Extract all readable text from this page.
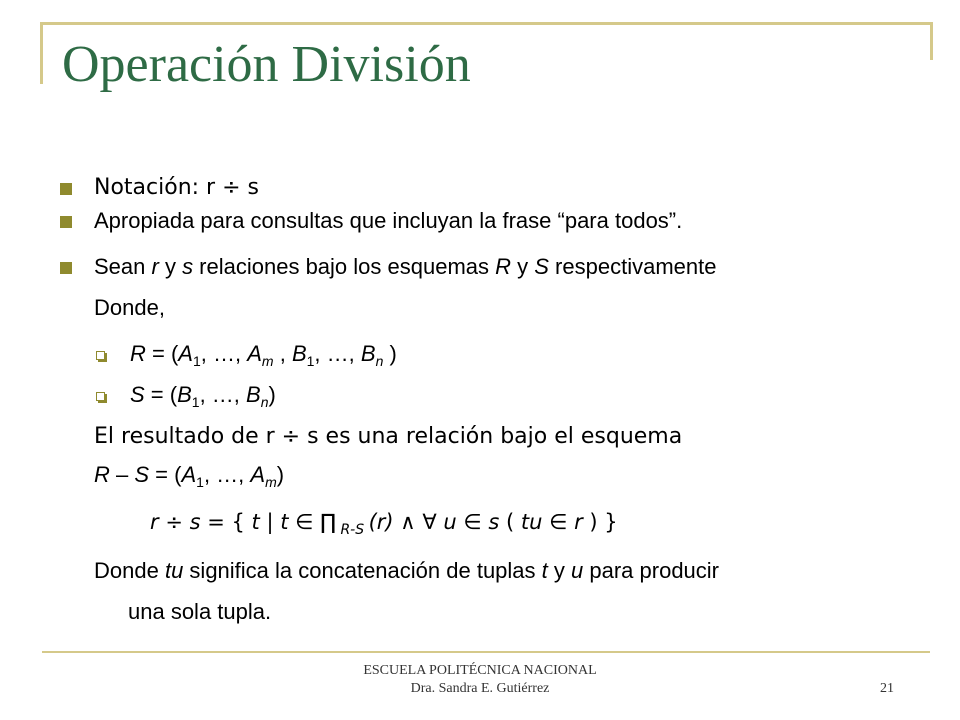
Operación División
Notación: r ÷ s
Apropiada para consultas que incluyan la frase “para todos”.
Sean r y s relaciones bajo los esquemas R y S respectivamente
Donde,
$R = (A_1$, …, $A_m$ , $B_1$, …, $B_n$ )
$S = (B_1$, …, $B_n$)
El resultado de r ÷ s es una relación bajo el esquema
$R - S = (A_1$, …, $A_m$)
r ÷ s = { t | t ∈ ∏ $_{R-S}$ (r) ∧ ∀ u ∈ s ( tu ∈ r ) }
Donde tu significa la concatenación de tuplas t y u para producir
una sola tupla.
ESCUELA POLITÉCNICA NACIONAL
Dra. Sandra E. Gutiérrez	21
